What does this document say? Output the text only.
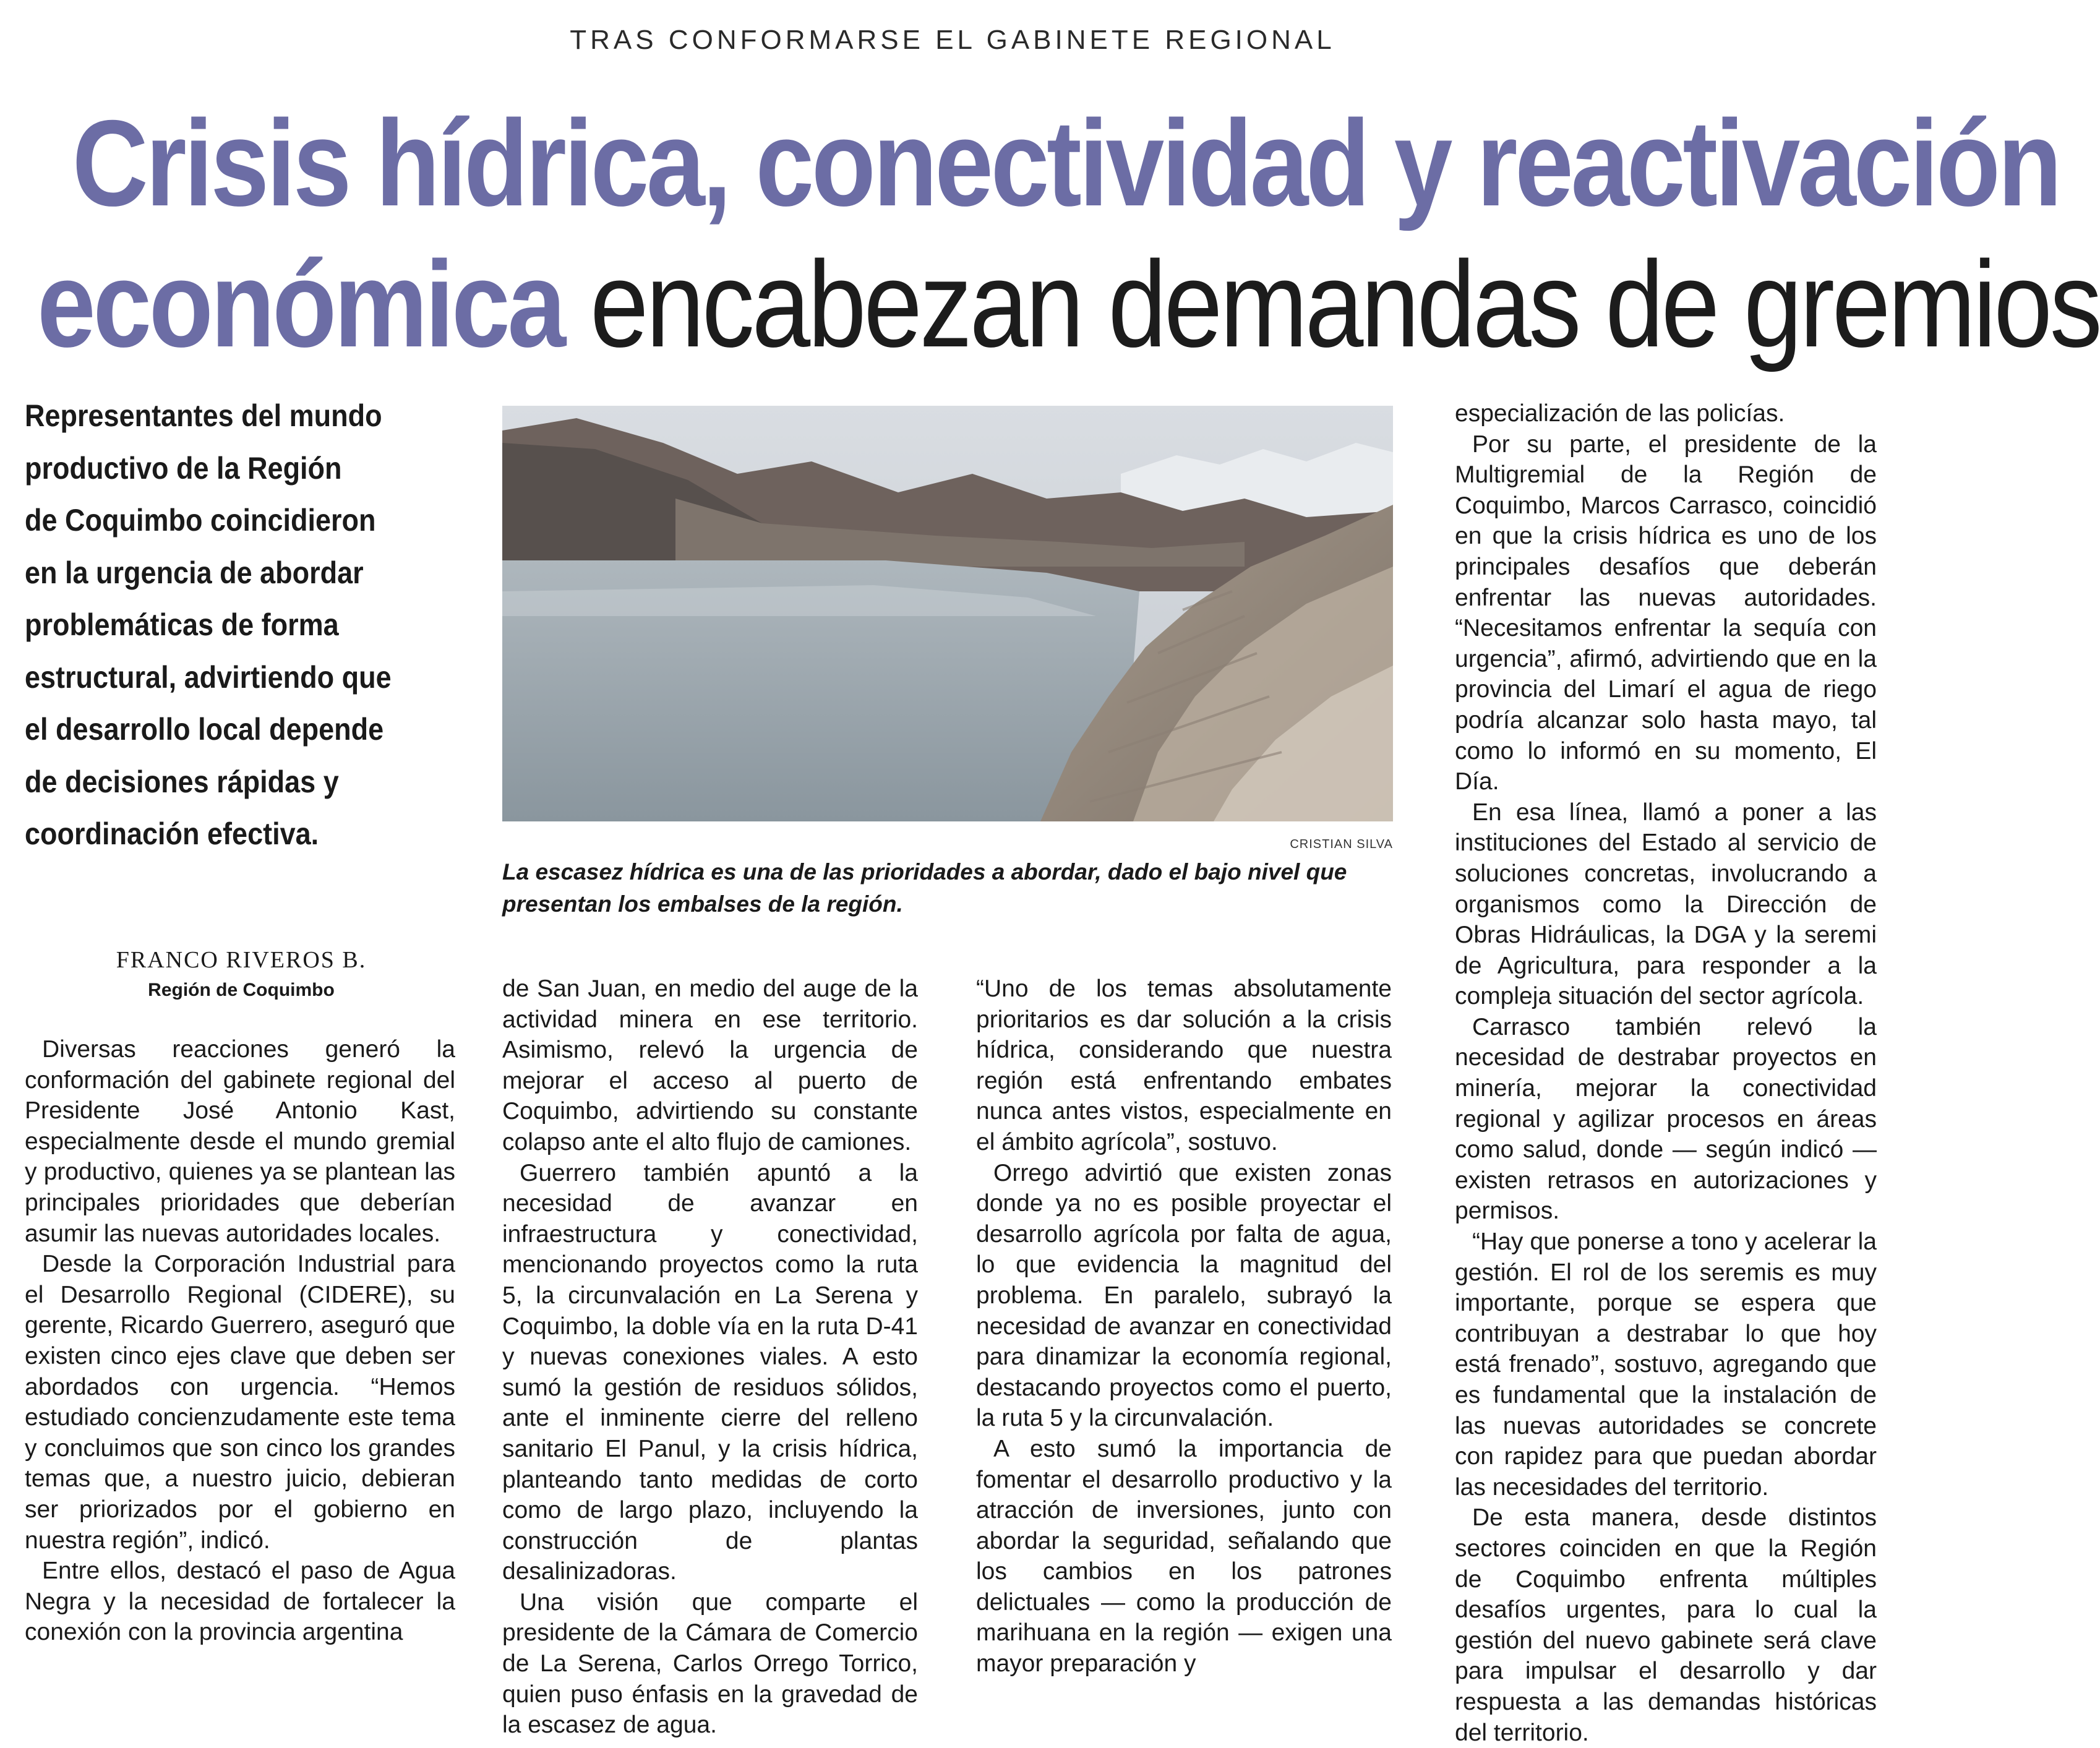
TRAS CONFORMARSE EL GABINETE REGIONAL
Crisis hídrica, conectividad y reactivación
económica encabezan demandas de gremios
Representantes del mundo
productivo de la Región
de Coquimbo coincidieron
en la urgencia de abordar
problemáticas de forma
estructural, advirtiendo que
el desarrollo local depende
de decisiones rápidas y
coordinación efectiva.	CRISTIAN SILVA
La escasez hídrica es una de las prioridades a abordar, dado el bajo nivel que presentan los embalses de la región.
FRANCO RIVEROS B.
Región de Coquimbo

Diversas reacciones generó la conformación del gabinete regional del Presidente José Antonio Kast, especialmente desde el mundo gremial y productivo, quienes ya se plantean las principales prioridades que deberían asumir las nuevas autoridades locales.

Desde la Corporación Industrial para el Desarrollo Regional (CIDERE), su gerente, Ricardo Guerrero, aseguró que existen cinco ejes clave que deben ser abordados con urgencia. “Hemos estudiado concienzudamente este tema y concluimos que son cinco los grandes temas que, a nuestro juicio, debieran ser priorizados por el gobierno en nuestra región”, indicó.

Entre ellos, destacó el paso de Agua Negra y la necesidad de fortalecer la conexión con la provincia argentina

de San Juan, en medio del auge de la actividad minera en ese territorio. Asimismo, relevó la urgencia de mejorar el acceso al puerto de Coquimbo, advirtiendo su constante colapso ante el alto flujo de camiones.

Guerrero también apuntó a la necesidad de avanzar en infraestructura y conectividad, mencionando proyectos como la ruta 5, la circunvalación en La Serena y Coquimbo, la doble vía en la ruta D-41 y nuevas conexiones viales. A esto sumó la gestión de residuos sólidos, ante el inminente cierre del relleno sanitario El Panul, y la crisis hídrica, planteando tanto medidas de corto como de largo plazo, incluyendo la construcción de plantas desalinizadoras.

Una visión que comparte el presidente de la Cámara de Comercio de La Serena, Carlos Orrego Torrico, quien puso énfasis en la gravedad de la escasez de agua.

“Uno de los temas absolutamente prioritarios es dar solución a la crisis hídrica, considerando que nuestra región está enfrentando embates nunca antes vistos, especialmente en el ámbito agrícola”, sostuvo.

Orrego advirtió que existen zonas donde ya no es posible proyectar el desarrollo agrícola por falta de agua, lo que evidencia la magnitud del problema. En paralelo, subrayó la necesidad de avanzar en conectividad para dinamizar la economía regional, destacando proyectos como el puerto, la ruta 5 y la circunvalación.

A esto sumó la importancia de fomentar el desarrollo productivo y la atracción de inversiones, junto con abordar la seguridad, señalando que los cambios en los patrones delictuales — como la producción de marihuana en la región — exigen una mayor preparación y

especialización de las policías.

Por su parte, el presidente de la Multigremial de la Región de Coquimbo, Marcos Carrasco, coincidió en que la crisis hídrica es uno de los principales desafíos que deberán enfrentar las nuevas autoridades. “Necesitamos enfrentar la sequía con urgencia”, afirmó, advirtiendo que en la provincia del Limarí el agua de riego podría alcanzar solo hasta mayo, tal como lo informó en su momento, El Día.

En esa línea, llamó a poner a las instituciones del Estado al servicio de soluciones concretas, involucrando a organismos como la Dirección de Obras Hidráulicas, la DGA y la seremi de Agricultura, para responder a la compleja situación del sector agrícola.

Carrasco también relevó la necesidad de destrabar proyectos en minería, mejorar la conectividad regional y agilizar procesos en áreas como salud, donde — según indicó — existen retrasos en autorizaciones y permisos.

“Hay que ponerse a tono y acelerar la gestión. El rol de los seremis es muy importante, porque se espera que contribuyan a destrabar lo que hoy está frenado”, sostuvo, agregando que es fundamental que la instalación de las nuevas autoridades se concrete con rapidez para que puedan abordar las necesidades del territorio.

De esta manera, desde distintos sectores coinciden en que la Región de Coquimbo enfrenta múltiples desafíos urgentes, para lo cual la gestión del nuevo gabinete será clave para impulsar el desarrollo y dar respuesta a las demandas históricas del territorio.
